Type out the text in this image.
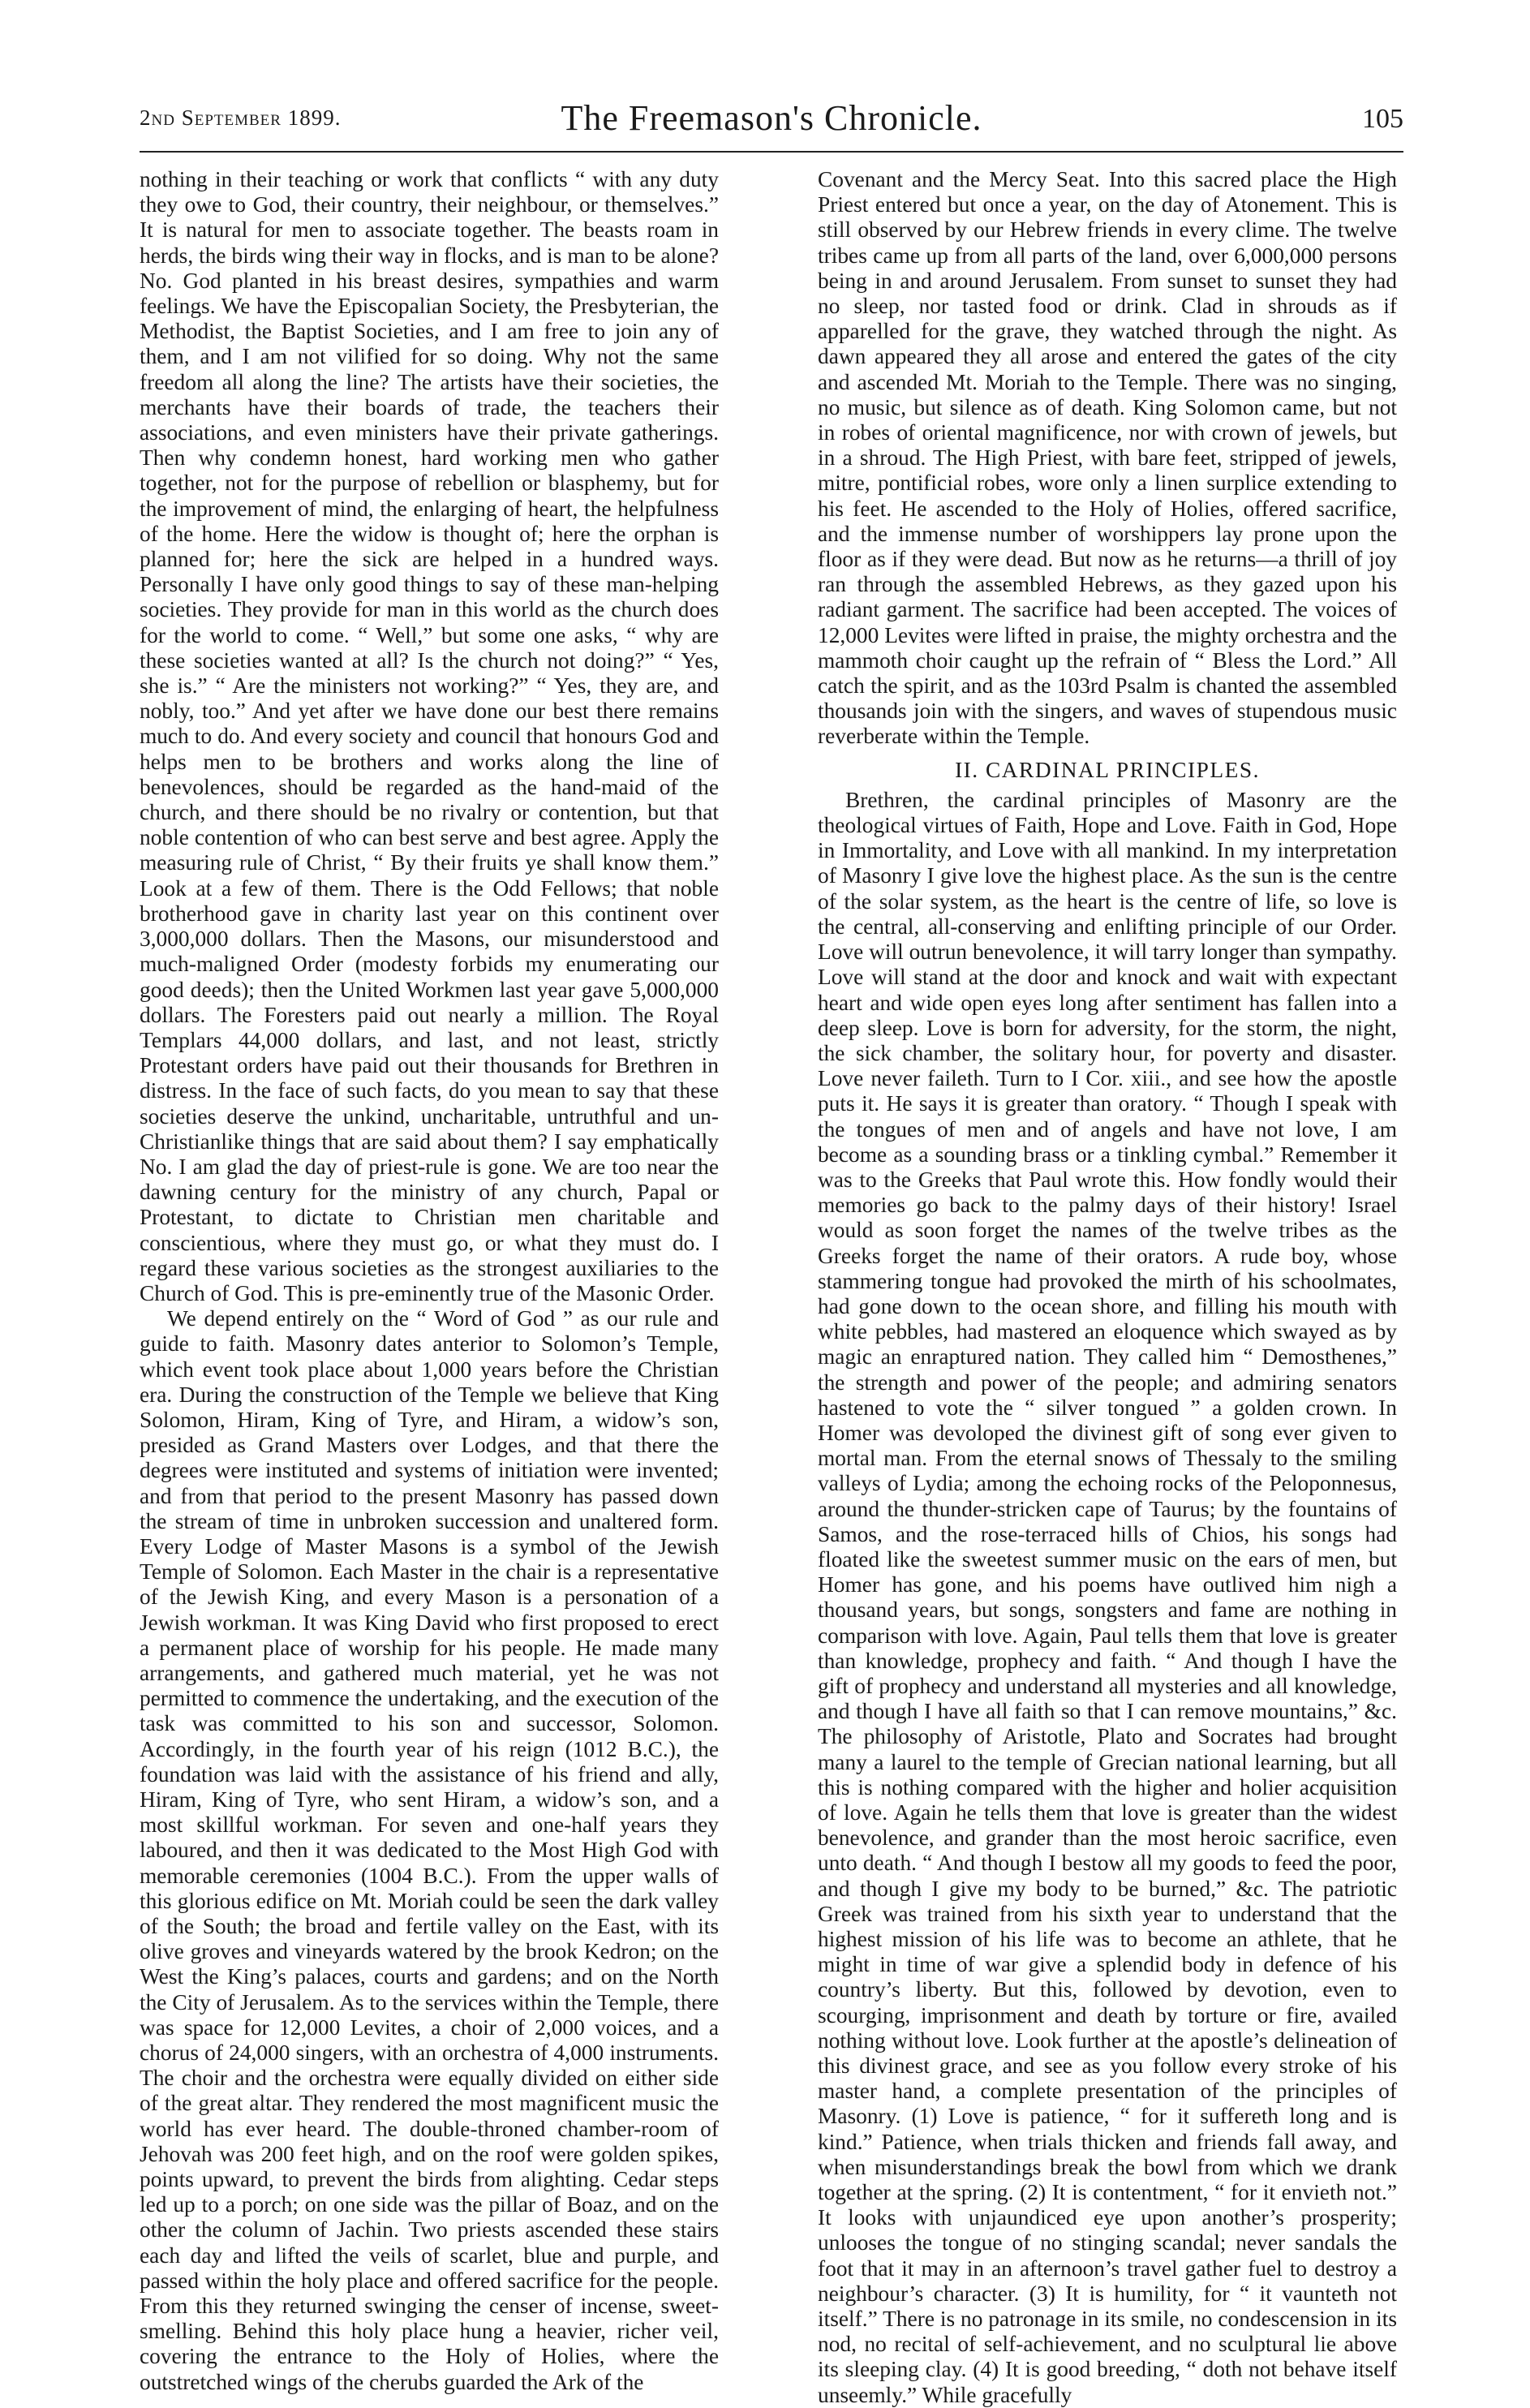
2nd September 1899.	The Freemason's Chronicle.	105

nothing in their teaching or work that conflicts “ with any duty they owe to God, their country, their neighbour, or themselves.” It is natural for men to associate together. The beasts roam in herds, the birds wing their way in flocks, and is man to be alone? No. God planted in his breast desires, sympathies and warm feelings. We have the Episcopalian Society, the Presbyterian, the Methodist, the Baptist Societies, and I am free to join any of them, and I am not vilified for so doing. Why not the same freedom all along the line? The artists have their societies, the merchants have their boards of trade, the teachers their associations, and even ministers have their private gatherings. Then why condemn honest, hard working men who gather together, not for the purpose of rebellion or blasphemy, but for the improvement of mind, the enlarging of heart, the helpfulness of the home. Here the widow is thought of; here the orphan is planned for; here the sick are helped in a hundred ways. Personally I have only good things to say of these man-helping societies. They provide for man in this world as the church does for the world to come. “ Well,” but some one asks, “ why are these societies wanted at all? Is the church not doing?” “ Yes, she is.” “ Are the ministers not working?” “ Yes, they are, and nobly, too.” And yet after we have done our best there remains much to do. And every society and council that honours God and helps men to be brothers and works along the line of benevolences, should be regarded as the hand-maid of the church, and there should be no rivalry or contention, but that noble contention of who can best serve and best agree. Apply the measuring rule of Christ, “ By their fruits ye shall know them.” Look at a few of them. There is the Odd Fellows; that noble brotherhood gave in charity last year on this continent over 3,000,000 dollars. Then the Masons, our misunderstood and much-maligned Order (modesty forbids my enumerating our good deeds); then the United Workmen last year gave 5,000,000 dollars. The Foresters paid out nearly a million. The Royal Templars 44,000 dollars, and last, and not least, strictly Protestant orders have paid out their thousands for Brethren in distress. In the face of such facts, do you mean to say that these societies deserve the unkind, uncharitable, untruthful and un-Christianlike things that are said about them? I say emphatically No. I am glad the day of priest-rule is gone. We are too near the dawning century for the ministry of any church, Papal or Protestant, to dictate to Christian men charitable and conscientious, where they must go, or what they must do. I regard these various societies as the strongest auxiliaries to the Church of God. This is pre-eminently true of the Masonic Order.

We depend entirely on the “ Word of God ” as our rule and guide to faith. Masonry dates anterior to Solomon’s Temple, which event took place about 1,000 years before the Christian era. During the construction of the Temple we believe that King Solomon, Hiram, King of Tyre, and Hiram, a widow’s son, presided as Grand Masters over Lodges, and that there the degrees were instituted and systems of initiation were invented; and from that period to the present Masonry has passed down the stream of time in unbroken succession and unaltered form. Every Lodge of Master Masons is a symbol of the Jewish Temple of Solomon. Each Master in the chair is a representative of the Jewish King, and every Mason is a personation of a Jewish workman. It was King David who first proposed to erect a permanent place of worship for his people. He made many arrangements, and gathered much material, yet he was not permitted to commence the undertaking, and the execution of the task was committed to his son and successor, Solomon. Accordingly, in the fourth year of his reign (1012 B.C.), the foundation was laid with the assistance of his friend and ally, Hiram, King of Tyre, who sent Hiram, a widow’s son, and a most skillful workman. For seven and one-half years they laboured, and then it was dedicated to the Most High God with memorable ceremonies (1004 B.C.). From the upper walls of this glorious edifice on Mt. Moriah could be seen the dark valley of the South; the broad and fertile valley on the East, with its olive groves and vineyards watered by the brook Kedron; on the West the King’s palaces, courts and gardens; and on the North the City of Jerusalem. As to the services within the Temple, there was space for 12,000 Levites, a choir of 2,000 voices, and a chorus of 24,000 singers, with an orchestra of 4,000 instruments. The choir and the orchestra were equally divided on either side of the great altar. They rendered the most magnificent music the world has ever heard. The double-throned chamber-room of Jehovah was 200 feet high, and on the roof were golden spikes, points upward, to prevent the birds from alighting. Cedar steps led up to a porch; on one side was the pillar of Boaz, and on the other the column of Jachin. Two priests ascended these stairs each day and lifted the veils of scarlet, blue and purple, and passed within the holy place and offered sacrifice for the people. From this they returned swinging the censer of incense, sweet-smelling. Behind this holy place hung a heavier, richer veil, covering the entrance to the Holy of Holies, where the outstretched wings of the cherubs guarded the Ark of the

Covenant and the Mercy Seat. Into this sacred place the High Priest entered but once a year, on the day of Atonement. This is still observed by our Hebrew friends in every clime. The twelve tribes came up from all parts of the land, over 6,000,000 persons being in and around Jerusalem. From sunset to sunset they had no sleep, nor tasted food or drink. Clad in shrouds as if apparelled for the grave, they watched through the night. As dawn appeared they all arose and entered the gates of the city and ascended Mt. Moriah to the Temple. There was no singing, no music, but silence as of death. King Solomon came, but not in robes of oriental magnificence, nor with crown of jewels, but in a shroud. The High Priest, with bare feet, stripped of jewels, mitre, pontificial robes, wore only a linen surplice extending to his feet. He ascended to the Holy of Holies, offered sacrifice, and the immense number of worshippers lay prone upon the floor as if they were dead. But now as he returns—a thrill of joy ran through the assembled Hebrews, as they gazed upon his radiant garment. The sacrifice had been accepted. The voices of 12,000 Levites were lifted in praise, the mighty orchestra and the mammoth choir caught up the refrain of “ Bless the Lord.” All catch the spirit, and as the 103rd Psalm is chanted the assembled thousands join with the singers, and waves of stupendous music reverberate within the Temple.

II. CARDINAL PRINCIPLES.

Brethren, the cardinal principles of Masonry are the theological virtues of Faith, Hope and Love. Faith in God, Hope in Immortality, and Love with all mankind. In my interpretation of Masonry I give love the highest place. As the sun is the centre of the solar system, as the heart is the centre of life, so love is the central, all-conserving and enlifting principle of our Order. Love will outrun benevolence, it will tarry longer than sympathy. Love will stand at the door and knock and wait with expectant heart and wide open eyes long after sentiment has fallen into a deep sleep. Love is born for adversity, for the storm, the night, the sick chamber, the solitary hour, for poverty and disaster. Love never faileth. Turn to I Cor. xiii., and see how the apostle puts it. He says it is greater than oratory. “ Though I speak with the tongues of men and of angels and have not love, I am become as a sounding brass or a tinkling cymbal.” Remember it was to the Greeks that Paul wrote this. How fondly would their memories go back to the palmy days of their history! Israel would as soon forget the names of the twelve tribes as the Greeks forget the name of their orators. A rude boy, whose stammering tongue had provoked the mirth of his schoolmates, had gone down to the ocean shore, and filling his mouth with white pebbles, had mastered an eloquence which swayed as by magic an enraptured nation. They called him “ Demosthenes,” the strength and power of the people; and admiring senators hastened to vote the “ silver tongued ” a golden crown. In Homer was devoloped the divinest gift of song ever given to mortal man. From the eternal snows of Thessaly to the smiling valleys of Lydia; among the echoing rocks of the Peloponnesus, around the thunder-stricken cape of Taurus; by the fountains of Samos, and the rose-terraced hills of Chios, his songs had floated like the sweetest summer music on the ears of men, but Homer has gone, and his poems have outlived him nigh a thousand years, but songs, songsters and fame are nothing in comparison with love. Again, Paul tells them that love is greater than knowledge, prophecy and faith. “ And though I have the gift of prophecy and understand all mysteries and all knowledge, and though I have all faith so that I can remove mountains,” &c. The philosophy of Aristotle, Plato and Socrates had brought many a laurel to the temple of Grecian national learning, but all this is nothing compared with the higher and holier acquisition of love. Again he tells them that love is greater than the widest benevolence, and grander than the most heroic sacrifice, even unto death. “ And though I bestow all my goods to feed the poor, and though I give my body to be burned,” &c. The patriotic Greek was trained from his sixth year to understand that the highest mission of his life was to become an athlete, that he might in time of war give a splendid body in defence of his country’s liberty. But this, followed by devotion, even to scourging, imprisonment and death by torture or fire, availed nothing without love. Look further at the apostle’s delineation of this divinest grace, and see as you follow every stroke of his master hand, a complete presentation of the principles of Masonry. (1) Love is patience, “ for it suffereth long and is kind.” Patience, when trials thicken and friends fall away, and when misunderstandings break the bowl from which we drank together at the spring. (2) It is contentment, “ for it envieth not.” It looks with unjaundiced eye upon another’s prosperity; unlooses the tongue of no stinging scandal; never sandals the foot that it may in an afternoon’s travel gather fuel to destroy a neighbour’s character. (3) It is humility, for “ it vaunteth not itself.” There is no patronage in its smile, no condescension in its nod, no recital of self-achievement, and no sculptural lie above its sleeping clay. (4) It is good breeding, “ doth not behave itself unseemly.” While gracefully
